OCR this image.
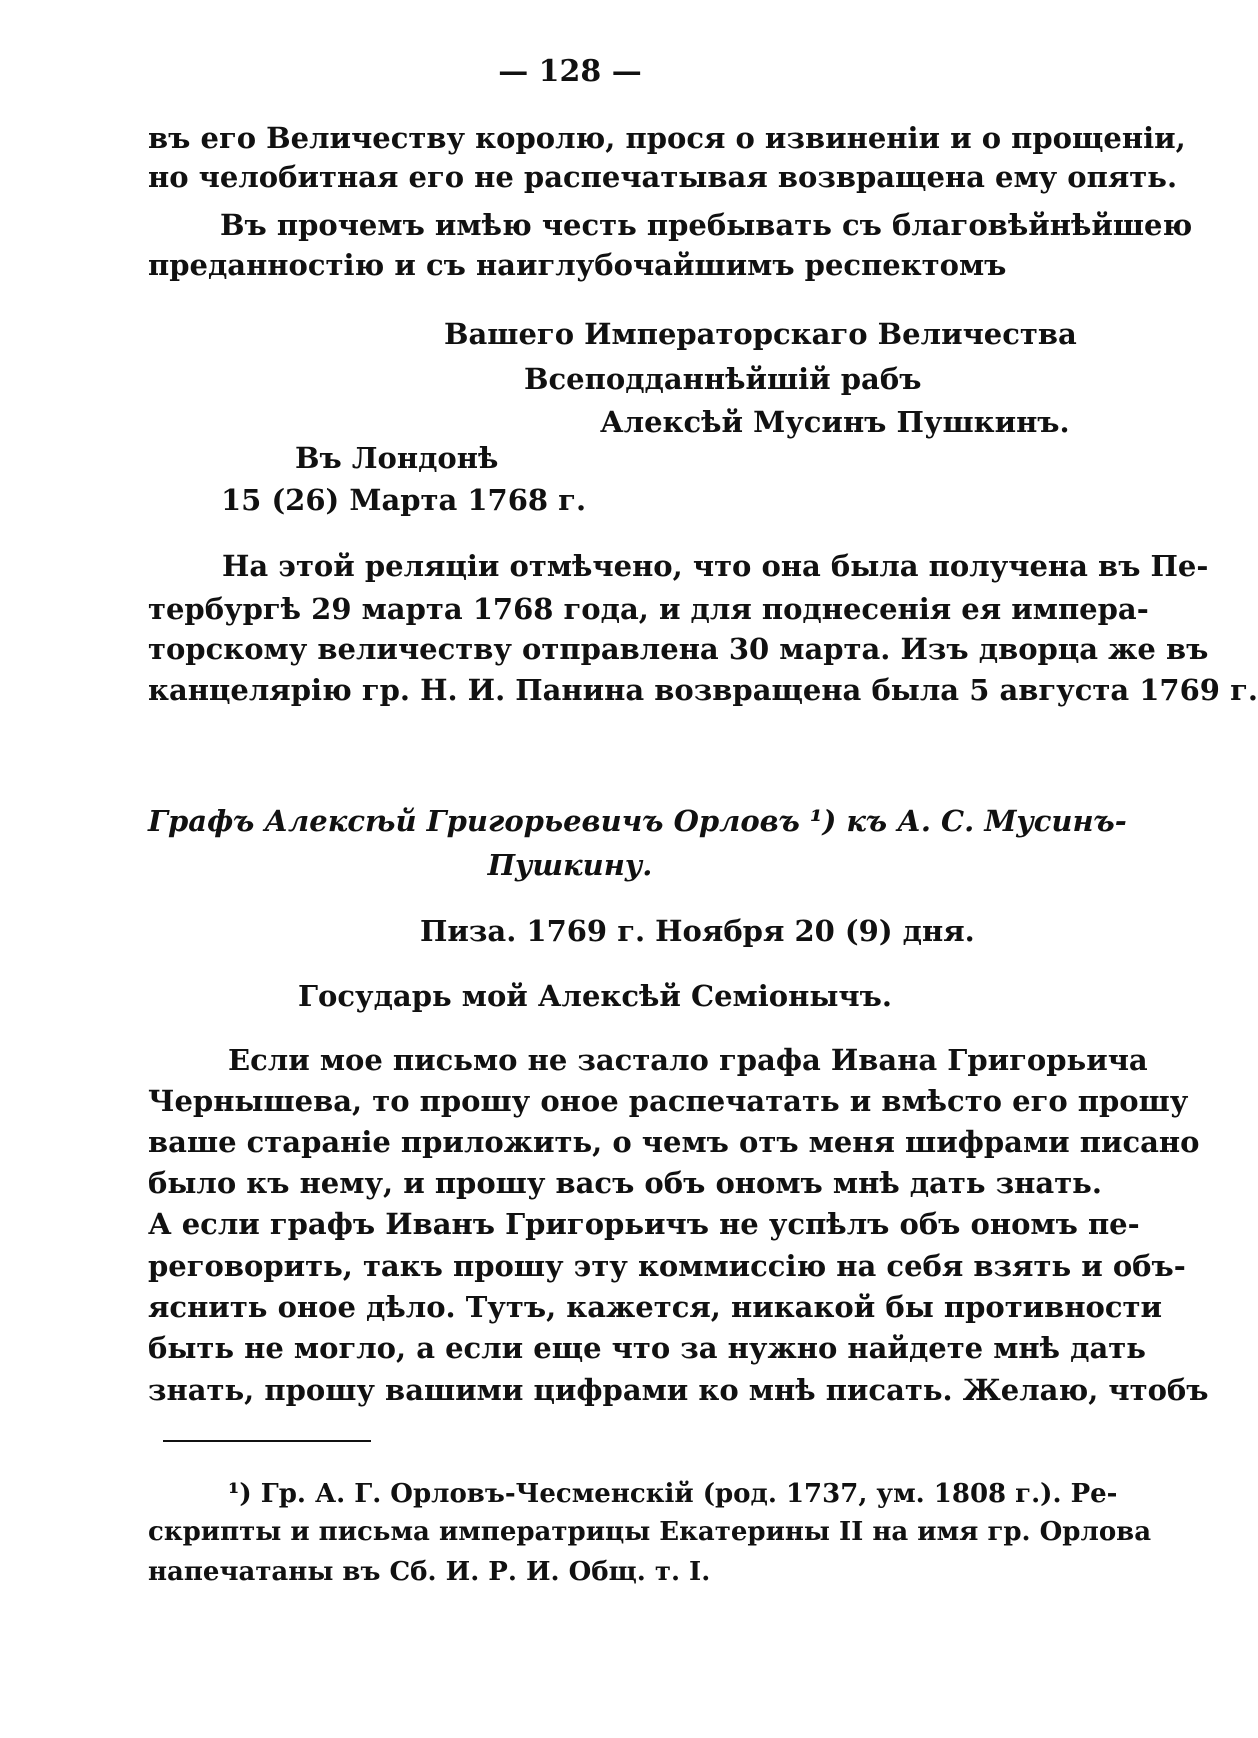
— 128 —
въ его Величеству королю, прося о извиненіи и о прощеніи,
но челобитная его не распечатывая возвращена ему опять.
Въ прочемъ имѣю честь пребывать съ благовѣйнѣйшею
преданностію и съ наиглубочайшимъ респектомъ
Вашего Императорскаго Величества
Всеподданнѣйшій рабъ
Алексѣй Мусинъ Пушкинъ.
Въ Лондонѣ
15 (26) Марта 1768 г.
На этой реляціи отмѣчено, что она была получена въ Пе-
тербургѣ 29 марта 1768 года, и для поднесенія ея импера-
торскому величеству отправлена 30 марта. Изъ дворца же въ
канцелярію гр. Н. И. Панина возвращена была 5 августа 1769 г.
Графъ Алексѣй Григорьевичъ Орловъ ¹) къ А. С. Мусинъ-
Пушкину.
Пиза. 1769 г. Ноября 20 (9) дня.
Государь мой Алексѣй Семіонычъ.
Если мое письмо не застало графа Ивана Григорьича
Чернышева, то прошу оное распечатать и вмѣсто его прошу
ваше стараніе приложить, о чемъ отъ меня шифрами писано
было къ нему, и прошу васъ объ ономъ мнѣ дать знать.
А если графъ Иванъ Григорьичъ не успѣлъ объ ономъ пе-
реговорить, такъ прошу эту коммиссію на себя взять и объ-
яснить оное дѣло. Тутъ, кажется, никакой бы противности
быть не могло, а если еще что за нужно найдете мнѣ дать
знать, прошу вашими цифрами ко мнѣ писать. Желаю, чтобъ
¹) Гр. А. Г. Орловъ-Чесменскій (род. 1737, ум. 1808 г.). Ре-
скрипты и письма императрицы Екатерины II на имя гр. Орлова
напечатаны въ Сб. И. Р. И. Общ. т. I.
